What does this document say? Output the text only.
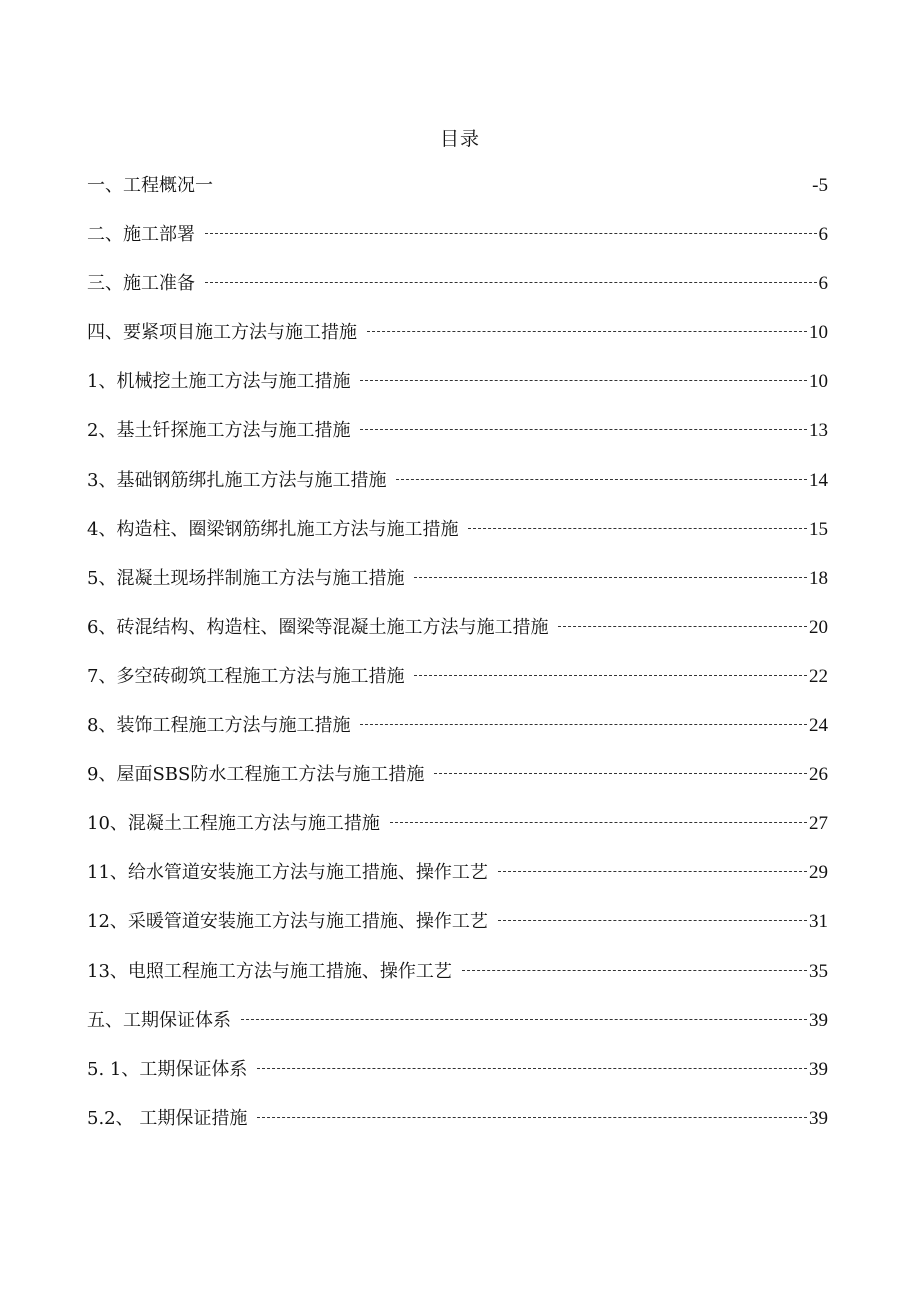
目录
一、工程概况一	-5
二、施工部署	6
三、施工准备	6
四、要紧项目施工方法与施工措施	10
1、机械挖土施工方法与施工措施	10
2、基土钎探施工方法与施工措施	13
3、基础钢筋绑扎施工方法与施工措施	14
4、构造柱、圈梁钢筋绑扎施工方法与施工措施	15
5、混凝土现场拌制施工方法与施工措施	18
6、砖混结构、构造柱、圈梁等混凝土施工方法与施工措施	20
7、多空砖砌筑工程施工方法与施工措施	22
8、装饰工程施工方法与施工措施	24
9、屋面SBS防水工程施工方法与施工措施	26
10、混凝土工程施工方法与施工措施	27
11、给水管道安装施工方法与施工措施、操作工艺	29
12、采暖管道安装施工方法与施工措施、操作工艺	31
13、电照工程施工方法与施工措施、操作工艺	35
五、工期保证体系	39
5. 1、工期保证体系	39
5.2、 工期保证措施	39
